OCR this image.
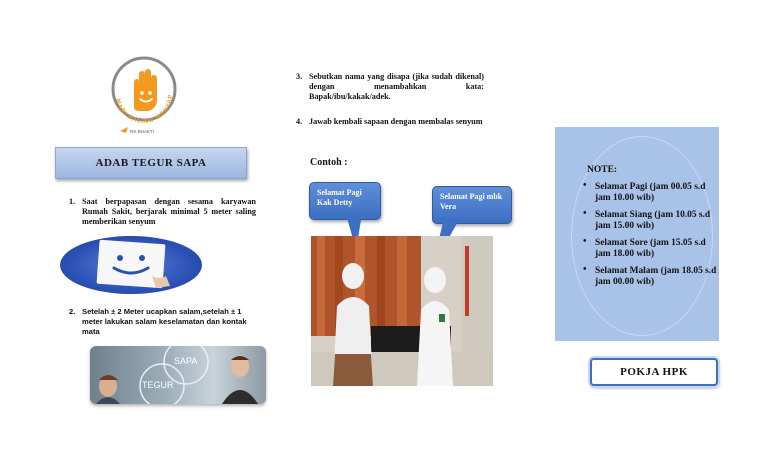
MARI SALING MENYAP
RS·BHAKTI
ADAB TEGUR SAPA
1. Saat berpapasan dengan sesama karyawan Rumah Sakit, berjarak minimal 5 meter saling memberikan senyum
2. Setelah ± 2 Meter ucapkan salam,setelah ± 1 meter lakukan salam keselamatan dan kontak mata
SAPA
TEGUR
3. Sebutkan nama yang disapa (jika sudah dikenal) dengan menambahkan kata: Bapak/ibu/kakak/adek.
4. Jawab kembali sapaan dengan membalas senyum
Contoh :
Selamat Pagi Kak Detty
Selamat Pagi mbk Vera
NOTE:
• Selamat Pagi (jam 00.05 s.d jam 10.00 wib)
• Selamat Siang (jam 10.05 s.d jam 15.00 wib)
• Selamat Sore (jam 15.05 s.d jam 18.00 wib)
• Selamat Malam (jam 18.05 s.d jam 00.00 wib)
POKJA HPK
